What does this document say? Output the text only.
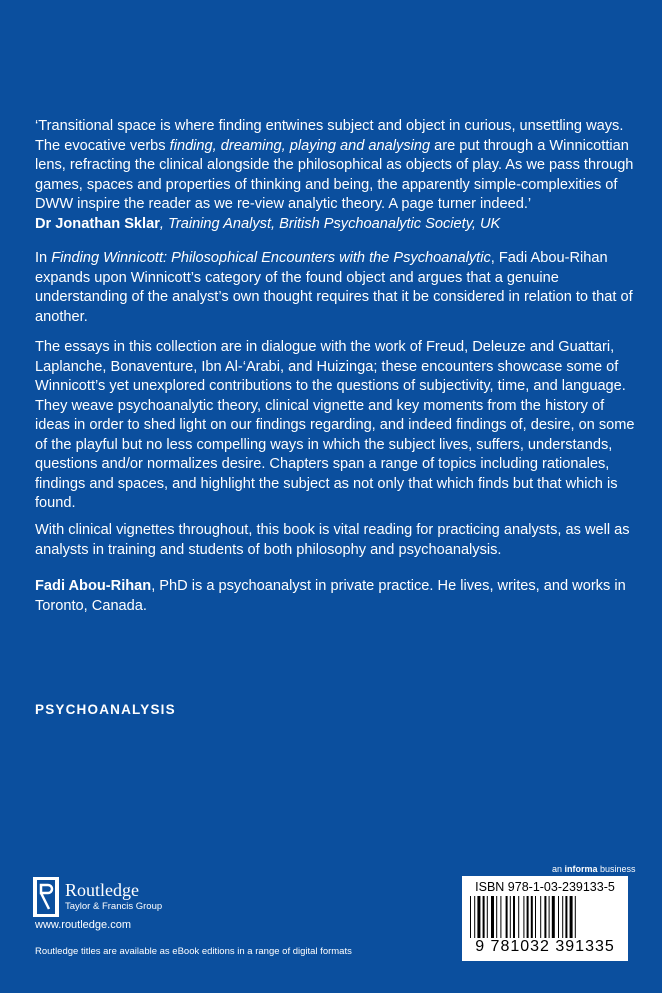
‘Transitional space is where finding entwines subject and object in curious, unsettling ways. The evocative verbs finding, dreaming, playing and analysing are put through a Winnicottian lens, refracting the clinical alongside the philosophical as objects of play. As we pass through games, spaces and properties of thinking and being, the apparently simple-complexities of DWW inspire the reader as we re-view analytic theory. A page turner indeed.’

Dr Jonathan Sklar, Training Analyst, British Psychoanalytic Society, UK

In Finding Winnicott: Philosophical Encounters with the Psychoanalytic, Fadi Abou-Rihan expands upon Winnicott’s category of the found object and argues that a genuine understanding of the analyst’s own thought requires that it be considered in relation to that of another.

The essays in this collection are in dialogue with the work of Freud, Deleuze and Guattari, Laplanche, Bonaventure, Ibn Al-‘Arabi, and Huizinga; these encounters showcase some of Winnicott’s yet unexplored contributions to the questions of subjectivity, time, and language. They weave psychoanalytic theory, clinical vignette and key moments from the history of ideas in order to shed light on our findings regarding, and indeed findings of, desire, on some of the playful but no less compelling ways in which the subject lives, suffers, understands, questions and/or normalizes desire. Chapters span a range of topics including rationales, findings and spaces, and highlight the subject as not only that which finds but that which is found.

With clinical vignettes throughout, this book is vital reading for practicing analysts, as well as analysts in training and students of both philosophy and psychoanalysis.

Fadi Abou-Rihan, PhD is a psychoanalyst in private practice. He lives, writes, and works in Toronto, Canada.

PSYCHOANALYSIS
Routledge
Taylor & Francis Group
www.routledge.com
Routledge titles are available as eBook editions in a range of digital formats
an informa business
ISBN 978-1-03-239133-5
9 781032 391335
